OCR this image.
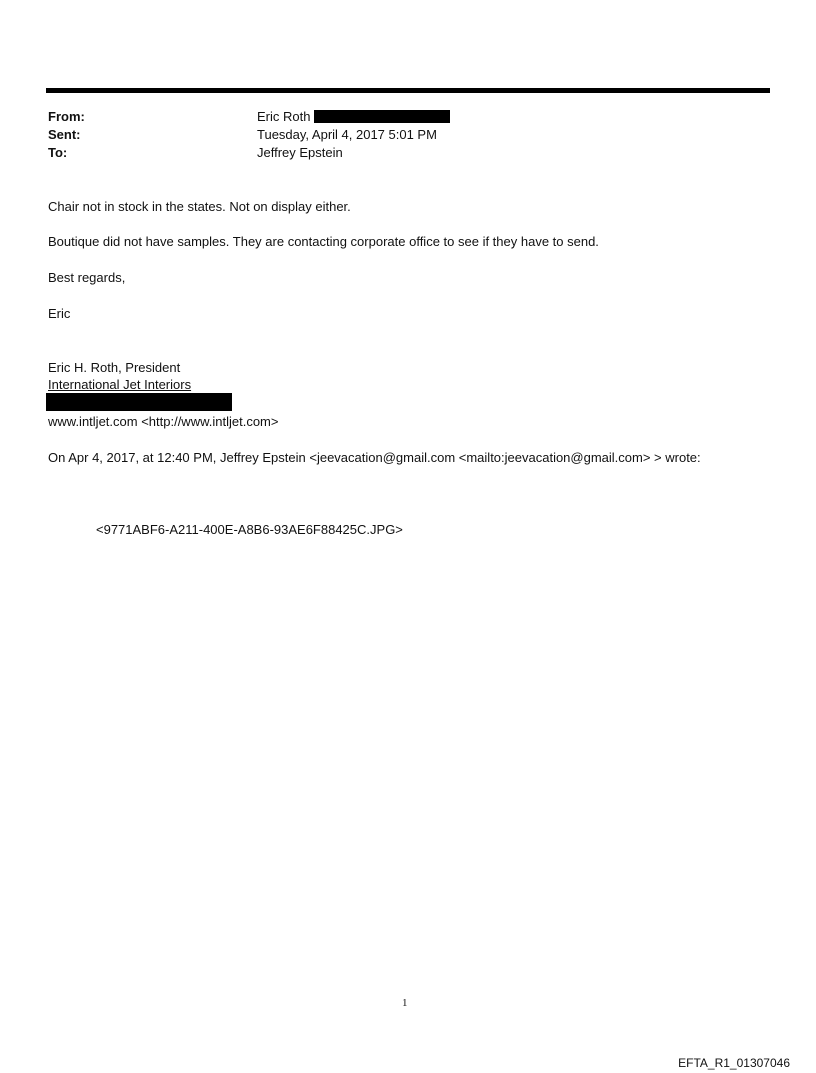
From:	Eric Roth
Sent:	Tuesday, April 4, 2017 5:01 PM
To:	Jeffrey Epstein
Chair not in stock in the states. Not on display either.
Boutique did not have samples. They are contacting corporate office to see if they have to send.
Best regards,
Eric
Eric H. Roth, President
International Jet Interiors
www.intljet.com <http://www.intljet.com>
On Apr 4, 2017, at 12:40 PM, Jeffrey Epstein <jeevacation@gmail.com <mailto:jeevacation@gmail.com> > wrote:
<9771ABF6-A211-400E-A8B6-93AE6F88425C.JPG>
1
EFTA_R1_01307046
